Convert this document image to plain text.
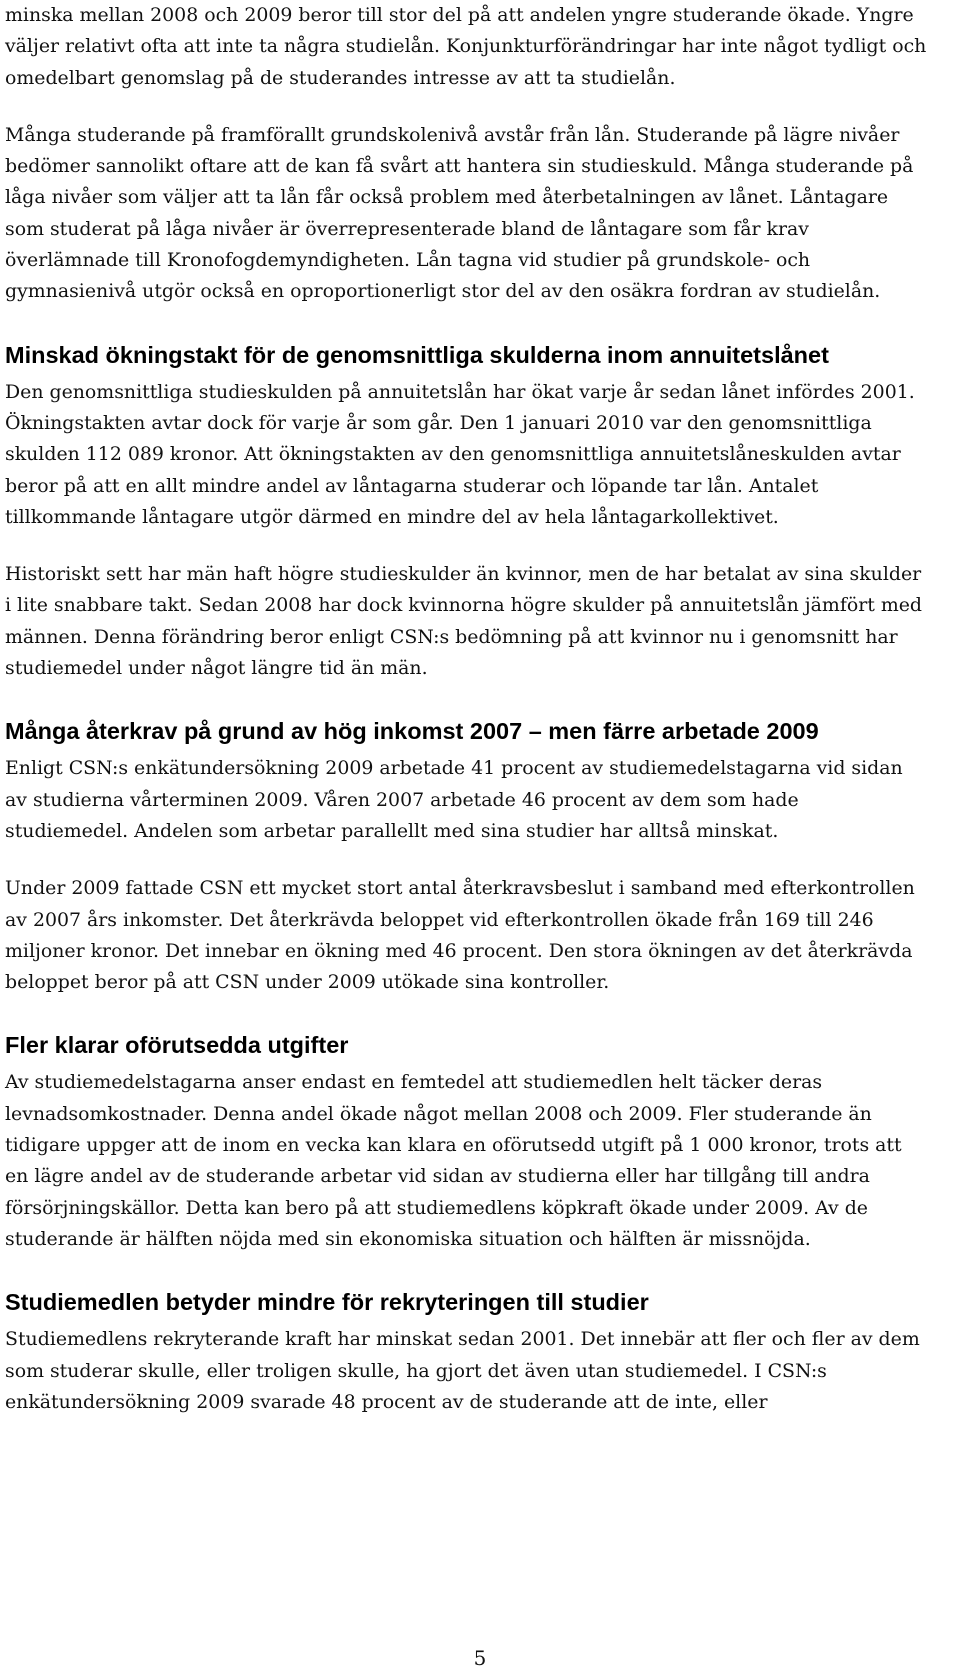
minska mellan 2008 och 2009 beror till stor del på att andelen yngre studerande ökade. Yngre väljer relativt ofta att inte ta några studielån. Konjunkturförändringar har inte något tydligt och omedelbart genomslag på de studerandes intresse av att ta studielån.

Många studerande på framförallt grundskolenivå avstår från lån. Studerande på lägre nivåer bedömer sannolikt oftare att de kan få svårt att hantera sin studieskuld. Många studerande på låga nivåer som väljer att ta lån får också problem med återbetalningen av lånet. Låntagare som studerat på låga nivåer är överrepresenterade bland de låntagare som får krav överlämnade till Kronofogdemyndigheten. Lån tagna vid studier på grundskole- och gymnasienivå utgör också en oproportionerligt stor del av den osäkra fordran av studielån.

Minskad ökningstakt för de genomsnittliga skulderna inom annuitetslånet

Den genomsnittliga studieskulden på annuitetslån har ökat varje år sedan lånet infördes 2001. Ökningstakten avtar dock för varje år som går. Den 1 januari 2010 var den genomsnittliga skulden 112 089 kronor. Att ökningstakten av den genomsnittliga annuitetslåneskulden avtar beror på att en allt mindre andel av låntagarna studerar och löpande tar lån. Antalet tillkommande låntagare utgör därmed en mindre del av hela låntagarkollektivet.

Historiskt sett har män haft högre studieskulder än kvinnor, men de har betalat av sina skulder i lite snabbare takt. Sedan 2008 har dock kvinnorna högre skulder på annuitetslån jämfört med männen. Denna förändring beror enligt CSN:s bedömning på att kvinnor nu i genomsnitt har studiemedel under något längre tid än män.

Många återkrav på grund av hög inkomst 2007 – men färre arbetade 2009

Enligt CSN:s enkätundersökning 2009 arbetade 41 procent av studiemedelstagarna vid sidan av studierna vårterminen 2009. Våren 2007 arbetade 46 procent av dem som hade studiemedel. Andelen som arbetar parallellt med sina studier har alltså minskat.

Under 2009 fattade CSN ett mycket stort antal återkravsbeslut i samband med efterkontrollen av 2007 års inkomster. Det återkrävda beloppet vid efterkontrollen ökade från 169 till 246 miljoner kronor. Det innebar en ökning med 46 procent. Den stora ökningen av det återkrävda beloppet beror på att CSN under 2009 utökade sina kontroller.

Fler klarar oförutsedda utgifter

Av studiemedelstagarna anser endast en femtedel att studiemedlen helt täcker deras levnadsomkostnader. Denna andel ökade något mellan 2008 och 2009. Fler studerande än tidigare uppger att de inom en vecka kan klara en oförutsedd utgift på 1 000 kronor, trots att en lägre andel av de studerande arbetar vid sidan av studierna eller har tillgång till andra försörjningskällor. Detta kan bero på att studiemedlens köpkraft ökade under 2009. Av de studerande är hälften nöjda med sin ekonomiska situation och hälften är missnöjda.

Studiemedlen betyder mindre för rekryteringen till studier

Studiemedlens rekryterande kraft har minskat sedan 2001. Det innebär att fler och fler av dem som studerar skulle, eller troligen skulle, ha gjort det även utan studiemedel. I CSN:s enkätundersökning 2009 svarade 48 procent av de studerande att de inte, eller

5
